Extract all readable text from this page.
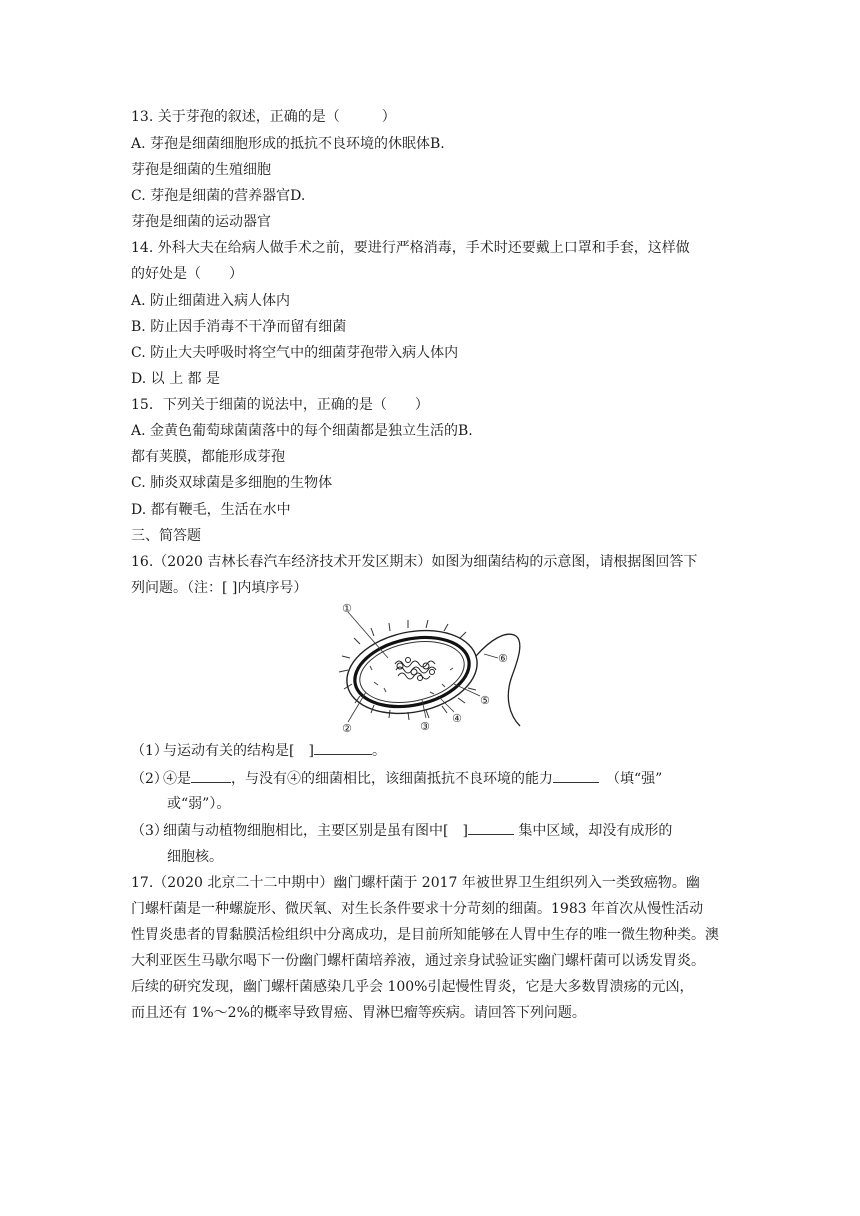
13. 关于芽孢的叙述，正确的是（　　　）
A. 芽孢是细菌细胞形成的抵抗不良环境的休眠体B.
芽孢是细菌的生殖细胞
C. 芽孢是细菌的营养器官D.
芽孢是细菌的运动器官
14. 外科大夫在给病人做手术之前，要进行严格消毒，手术时还要戴上口罩和手套，这样做
的好处是（　　）
A. 防止细菌进入病人体内
B. 防止因手消毒不干净而留有细菌
C. 防止大夫呼吸时将空气中的细菌芽孢带入病人体内
D. 以 上 都 是
15．下列关于细菌的说法中，正确的是（　　）
A. 金黄色葡萄球菌菌落中的每个细菌都是独立生活的B.
都有荚膜，都能形成芽孢
C. 肺炎双球菌是多细胞的生物体
D. 都有鞭毛，生活在水中
三、简答题
16.（2020 吉林长春汽车经济技术开发区期末）如图为细菌结构的示意图，请根据图回答下
列问题。（注：[ ]内填序号）
①
②	③
④
⑤
⑥
（1）与运动有关的结构是[　]	。
（2）④是	，与没有④的细菌相比，该细菌抵抗不良环境的能力	　（填“强”
或“弱”）。
（3）细菌与动植物细胞相比，主要区别是虽有图中[　]	集中区域，却没有成形的
细胞核。
17.（2020 北京二十二中期中）幽门螺杆菌于 2017 年被世界卫生组织列入一类致癌物。幽
门螺杆菌是一种螺旋形、微厌氧、对生长条件要求十分苛刻的细菌。1983 年首次从慢性活动
性胃炎患者的胃黏膜活检组织中分离成功，是目前所知能够在人胃中生存的唯一微生物种类。澳
大利亚医生马歇尔喝下一份幽门螺杆菌培养液，通过亲身试验证实幽门螺杆菌可以诱发胃炎。
后续的研究发现，幽门螺杆菌感染几乎会 100%引起慢性胃炎，它是大多数胃溃疡的元凶，
而且还有 1%～2%的概率导致胃癌、胃淋巴瘤等疾病。请回答下列问题。
